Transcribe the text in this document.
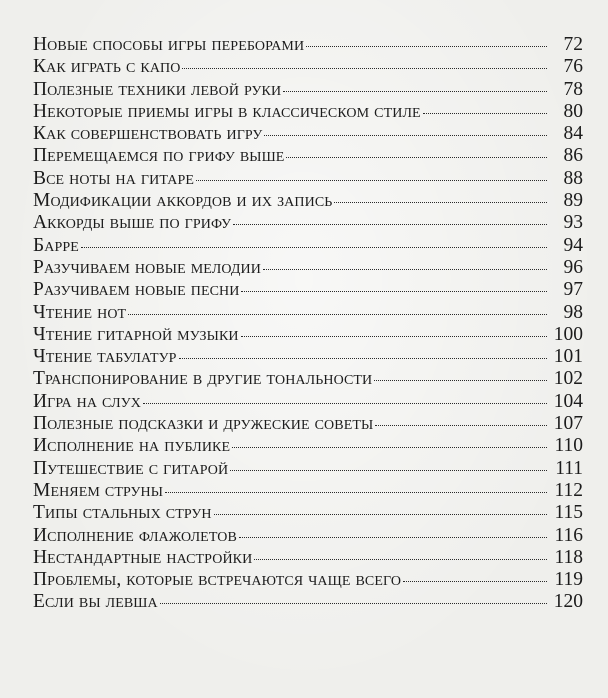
Новые способы игры переборами	72
Как играть с капо	76
Полезные техники левой руки	78
Некоторые приемы игры в классическом стиле	80
Как совершенствовать игру	84
Перемещаемся по грифу выше	86
Все ноты на гитаре	88
Модификации аккордов и их запись	89
Аккорды выше по грифу	93
Барре	94
Разучиваем новые мелодии	96
Разучиваем новые песни	97
Чтение нот	98
Чтение гитарной музыки	100
Чтение табулатур	101
Транспонирование в другие тональности	102
Игра на слух	104
Полезные подсказки и дружеские советы	107
Исполнение на публике	110
Путешествие с гитарой	111
Меняем струны	112
Типы стальных струн	115
Исполнение флажолетов	116
Нестандартные настройки	118
Проблемы, которые встречаются чаще всего	119
Если вы левша	120
